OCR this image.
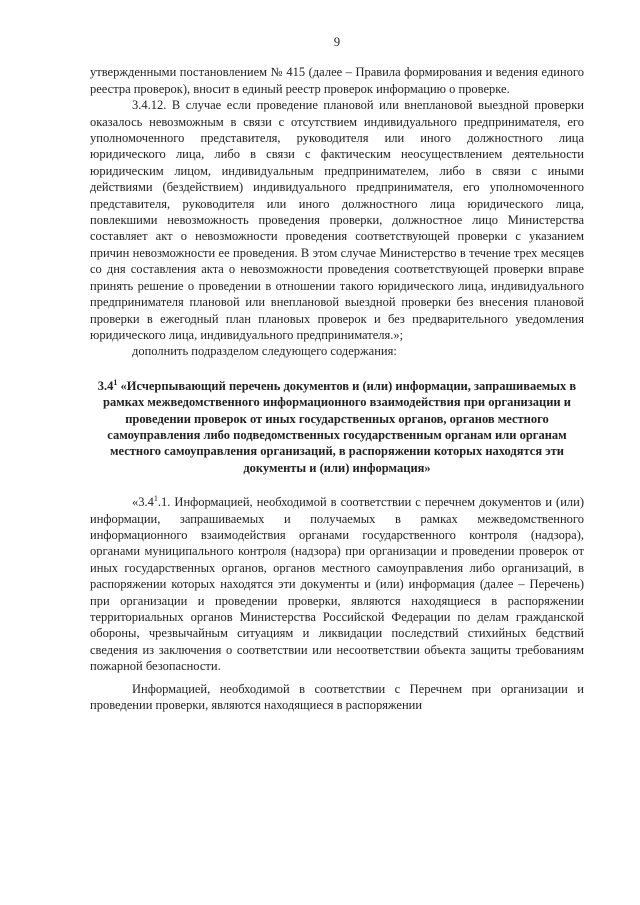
9

утвержденными постановлением № 415 (далее – Правила формирования и ведения единого реестра проверок), вносит в единый реестр проверок информацию о проверке.

3.4.12. В случае если проведение плановой или внеплановой выездной проверки оказалось невозможным в связи с отсутствием индивидуального предпринимателя, его уполномоченного представителя, руководителя или иного должностного лица юридического лица, либо в связи с фактическим неосуществлением деятельности юридическим лицом, индивидуальным предпринимателем, либо в связи с иными действиями (бездействием) индивидуального предпринимателя, его уполномоченного представителя, руководителя или иного должностного лица юридического лица, повлекшими невозможность проведения проверки, должностное лицо Министерства составляет акт о невозможности проведения соответствующей проверки с указанием причин невозможности ее проведения. В этом случае Министерство в течение трех месяцев со дня составления акта о невозможности проведения соответствующей проверки вправе принять решение о проведении в отношении такого юридического лица, индивидуального предпринимателя плановой или внеплановой выездной проверки без внесения плановой проверки в ежегодный план плановых проверок и без предварительного уведомления юридического лица, индивидуального предпринимателя.»;

дополнить подразделом следующего содержания:

$3.4^1$ «Исчерпывающий перечень документов и (или) информации, запрашиваемых в рамках межведомственного информационного взаимодействия при организации и проведении проверок от иных государственных органов, органов местного самоуправления либо подведомственных государственным органам или органам местного самоуправления организаций, в распоряжении которых находятся эти документы и (или) информация»

«$3.4^1.1$. Информацией, необходимой в соответствии с перечнем документов и (или) информации, запрашиваемых и получаемых в рамках межведомственного информационного взаимодействия органами государственного контроля (надзора), органами муниципального контроля (надзора) при организации и проведении проверок от иных государственных органов, органов местного самоуправления либо организаций, в распоряжении которых находятся эти документы и (или) информация (далее – Перечень) при организации и проведении проверки, являются находящиеся в распоряжении территориальных органов Министерства Российской Федерации по делам гражданской обороны, чрезвычайным ситуациям и ликвидации последствий стихийных бедствий сведения из заключения о соответствии или несоответствии объекта защиты требованиям пожарной безопасности.

Информацией, необходимой в соответствии с Перечнем при организации и проведении проверки, являются находящиеся в распоряжении
